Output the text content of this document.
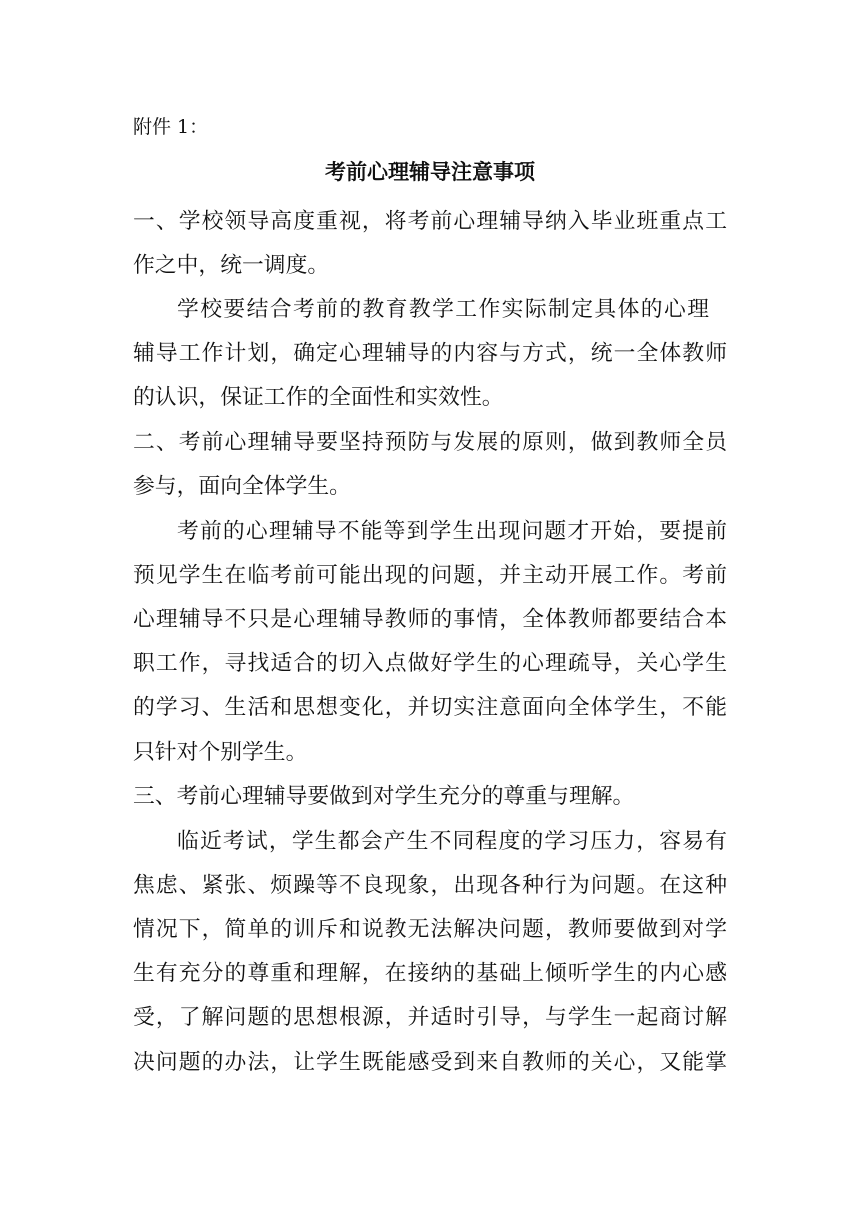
附件 1：
考前心理辅导注意事项
一、学校领导高度重视，将考前心理辅导纳入毕业班重点工
作之中，统一调度。
学校要结合考前的教育教学工作实际制定具体的心理
辅导工作计划，确定心理辅导的内容与方式，统一全体教师
的认识，保证工作的全面性和实效性。
二、考前心理辅导要坚持预防与发展的原则，做到教师全员
参与，面向全体学生。
考前的心理辅导不能等到学生出现问题才开始，要提前
预见学生在临考前可能出现的问题，并主动开展工作。考前
心理辅导不只是心理辅导教师的事情，全体教师都要结合本
职工作，寻找适合的切入点做好学生的心理疏导，关心学生
的学习、生活和思想变化，并切实注意面向全体学生，不能
只针对个别学生。
三、考前心理辅导要做到对学生充分的尊重与理解。
临近考试，学生都会产生不同程度的学习压力，容易有
焦虑、紧张、烦躁等不良现象，出现各种行为问题。在这种
情况下，简单的训斥和说教无法解决问题，教师要做到对学
生有充分的尊重和理解，在接纳的基础上倾听学生的内心感
受，了解问题的思想根源，并适时引导，与学生一起商讨解
决问题的办法，让学生既能感受到来自教师的关心，又能掌
